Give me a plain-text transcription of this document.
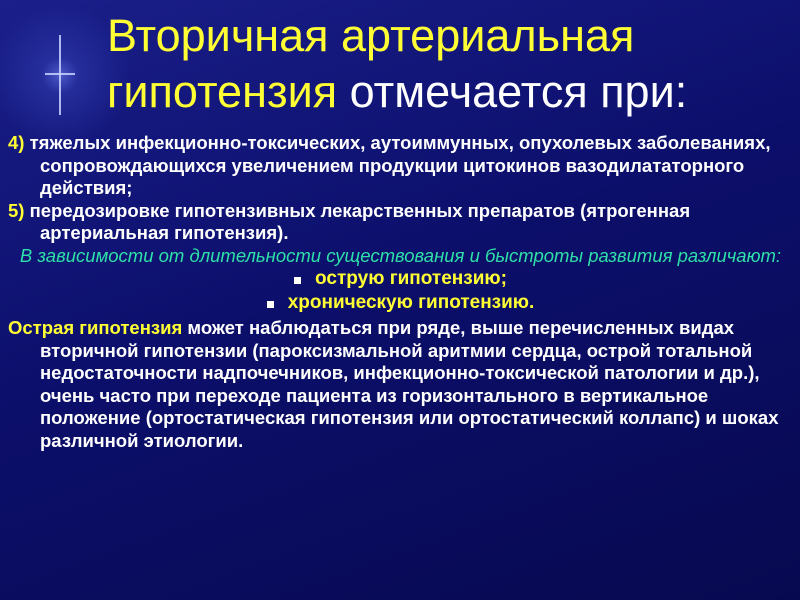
Вторичная артериальная
гипотензия отмечается при:
4) тяжелых инфекционно-токсических, аутоиммунных, опухолевых заболеваниях, сопровождающихся увеличением продукции цитокинов вазодилататорного действия;
5) передозировке гипотензивных лекарственных препаратов (ятрогенная артериальная гипотензия).
В зависимости от длительности существования и быстроты развития различают:
острую гипотензию;
хроническую гипотензию.
Острая гипотензия может наблюдаться при ряде, выше перечисленных видах вторичной гипотензии (пароксизмальной аритмии сердца, острой тотальной недостаточности надпочечников, инфекционно-токсической патологии и др.), очень часто при переходе пациента из горизонтального в вертикальное положение (ортостатическая гипотензия или ортостатический коллапс) и шоках различной этиологии.
